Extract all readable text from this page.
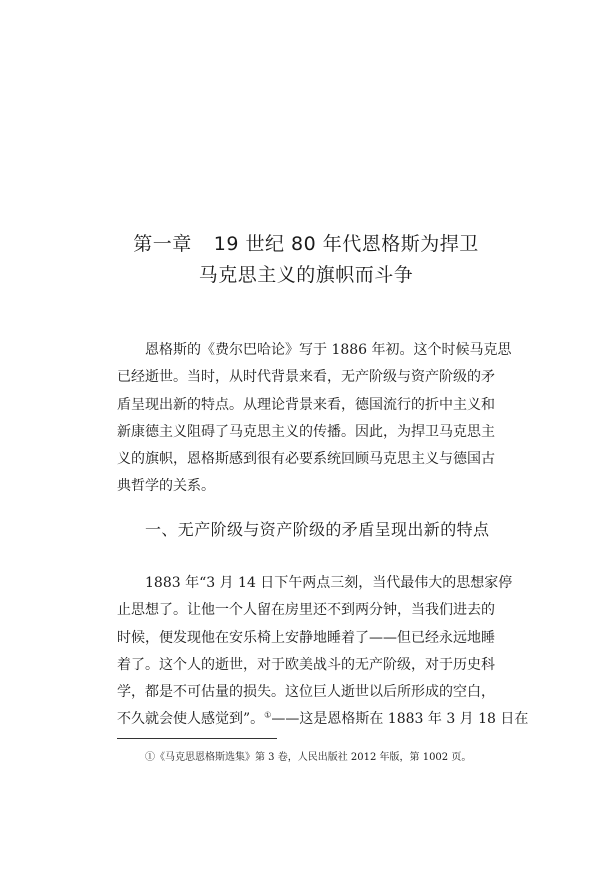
第一章 19 世纪 80 年代恩格斯为捍卫
马克思主义的旗帜而斗争
恩格斯的《费尔巴哈论》写于 1886 年初。这个时候马克思
已经逝世。当时，从时代背景来看，无产阶级与资产阶级的矛
盾呈现出新的特点。从理论背景来看，德国流行的折中主义和
新康德主义阻碍了马克思主义的传播。因此，为捍卫马克思主
义的旗帜，恩格斯感到很有必要系统回顾马克思主义与德国古
典哲学的关系。
一、无产阶级与资产阶级的矛盾呈现出新的特点
1883 年“3 月 14 日下午两点三刻，当代最伟大的思想家停
止思想了。让他一个人留在房里还不到两分钟，当我们进去的
时候，便发现他在安乐椅上安静地睡着了——但已经永远地睡
着了。这个人的逝世，对于欧美战斗的无产阶级，对于历史科
学，都是不可估量的损失。这位巨人逝世以后所形成的空白，
不久就会使人感觉到”。①——这是恩格斯在 1883 年 3 月 18 日在
①《马克思恩格斯选集》第 3 卷，人民出版社 2012 年版，第 1002 页。
